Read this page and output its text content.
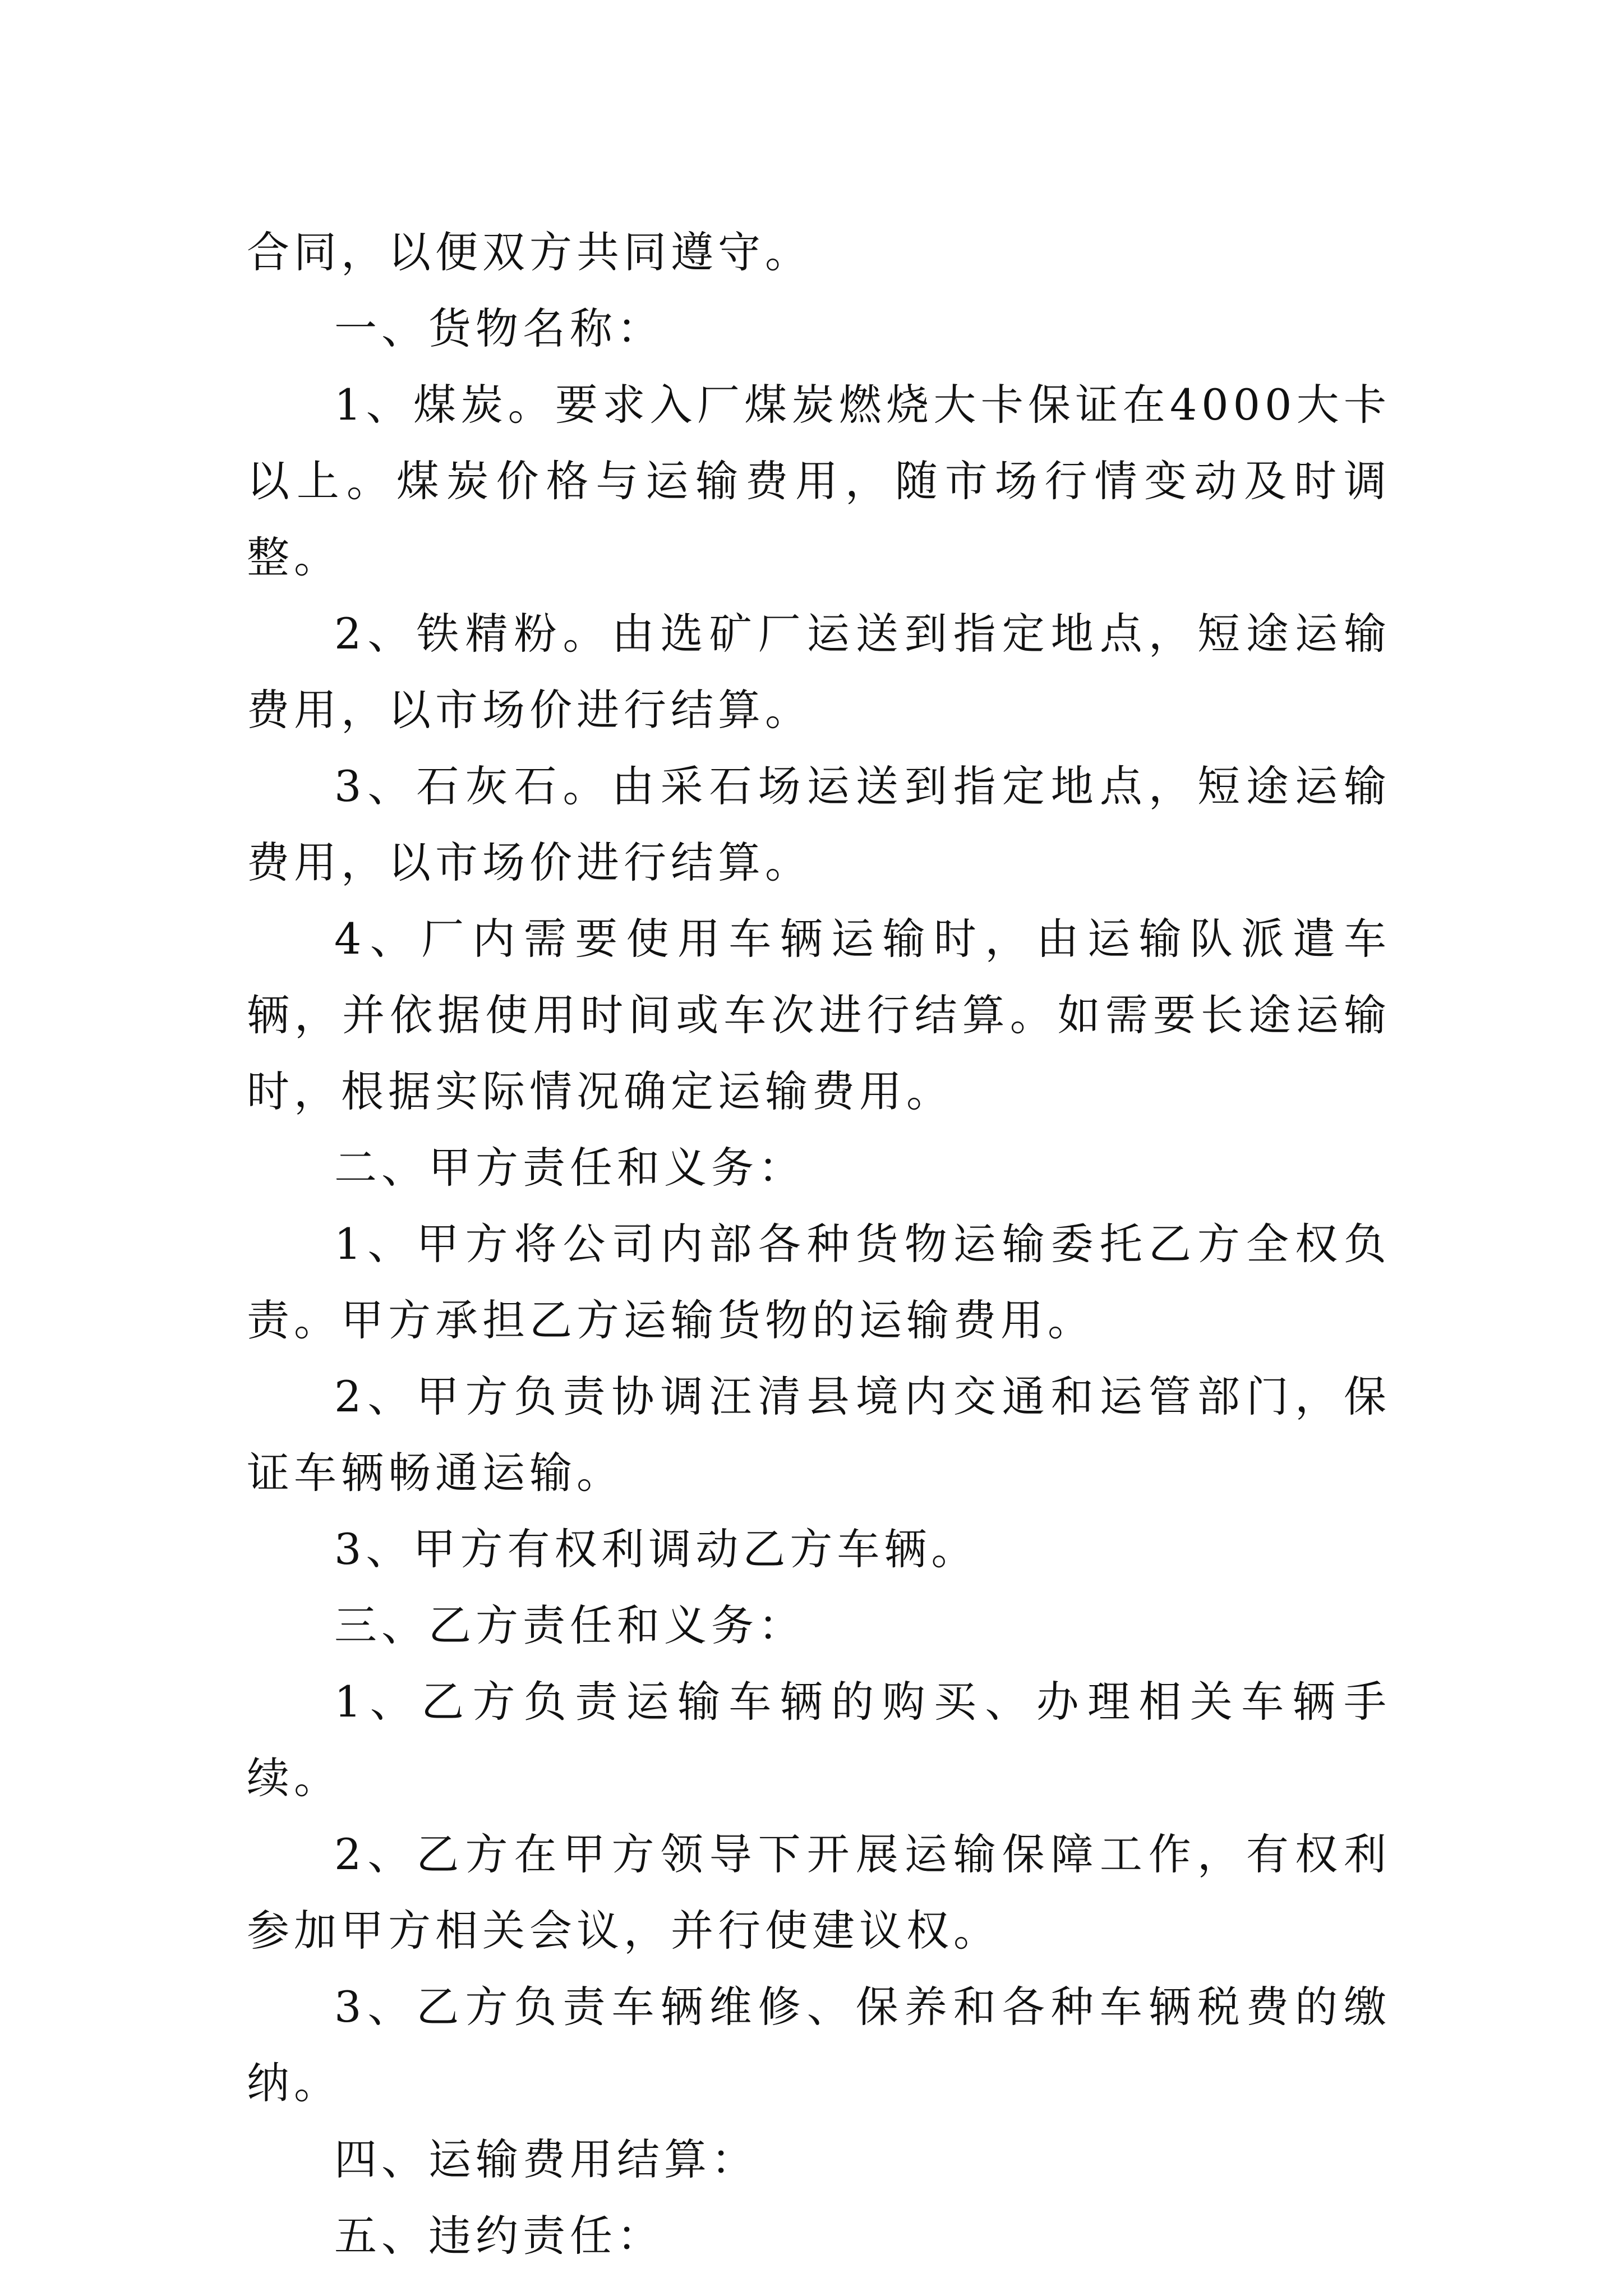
合同，以便双方共同遵守。

一、货物名称：

1、煤炭。要求入厂煤炭燃烧大卡保证在4000大卡以上。煤炭价格与运输费用，随市场行情变动及时调整。

2、铁精粉。由选矿厂运送到指定地点，短途运输费用，以市场价进行结算。

3、石灰石。由采石场运送到指定地点，短途运输费用，以市场价进行结算。

4、厂内需要使用车辆运输时，由运输队派遣车辆，并依据使用时间或车次进行结算。如需要长途运输时，根据实际情况确定运输费用。

二、甲方责任和义务：

1、甲方将公司内部各种货物运输委托乙方全权负责。甲方承担乙方运输货物的运输费用。

2、甲方负责协调汪清县境内交通和运管部门，保证车辆畅通运输。

3、甲方有权利调动乙方车辆。

三、乙方责任和义务：

1、乙方负责运输车辆的购买、办理相关车辆手续。

2、乙方在甲方领导下开展运输保障工作，有权利参加甲方相关会议，并行使建议权。

3、乙方负责车辆维修、保养和各种车辆税费的缴纳。

四、运输费用结算：

五、违约责任：
